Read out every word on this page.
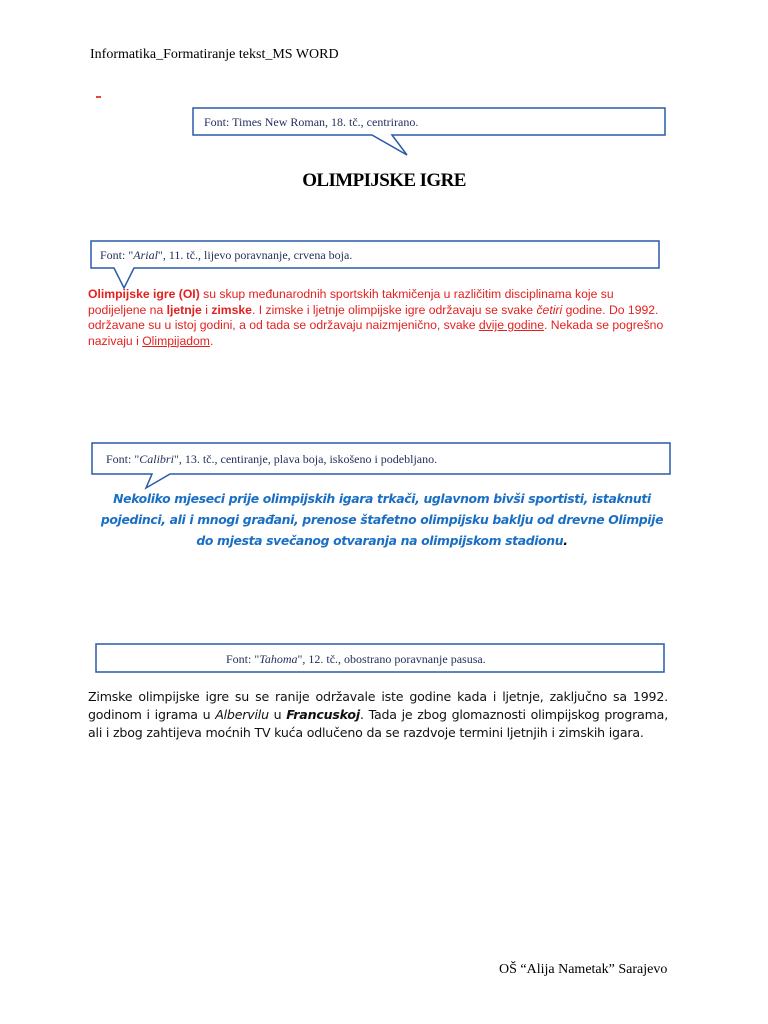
Informatika_Formatiranje tekst_MS WORD
Font: Times New Roman, 18. tč., centrirano.
OLIMPIJSKE IGRE
Font: "Arial", 11. tč., lijevo poravnanje, crvena boja.
Olimpijske igre (OI) su skup međunarodnih sportskih takmičenja u različitim disciplinama koje su podijeljene na ljetnje i zimske. I zimske i ljetnje olimpijske igre održavaju se svake četiri godine. Do 1992. održavane su u istoj godini, a od tada se održavaju naizmjenično, svake dvije godine. Nekada se pogrešno nazivaju i Olimpijadom.
Font: "Calibri", 13. tč., centiranje, plava boja, iskošeno i podebljano.
Nekoliko mjeseci prije olimpijskih igara trkači, uglavnom bivši sportisti, istaknuti pojedinci, ali i mnogi građani, prenose štafetno olimpijsku baklju od drevne Olimpije do mjesta svečanog otvaranja na olimpijskom stadionu.
Font: "Tahoma", 12. tč., obostrano poravnanje pasusa.
Zimske olimpijske igre su se ranije održavale iste godine kada i ljetnje, zaključno sa 1992. godinom i igrama u Albervilu u Francuskoj. Tada je zbog glomaznosti olimpijskog programa, ali i zbog zahtijeva moćnih TV kuća odlučeno da se razdvoje termini ljetnjih i zimskih igara.
OŠ “Alija Nametak” Sarajevo
